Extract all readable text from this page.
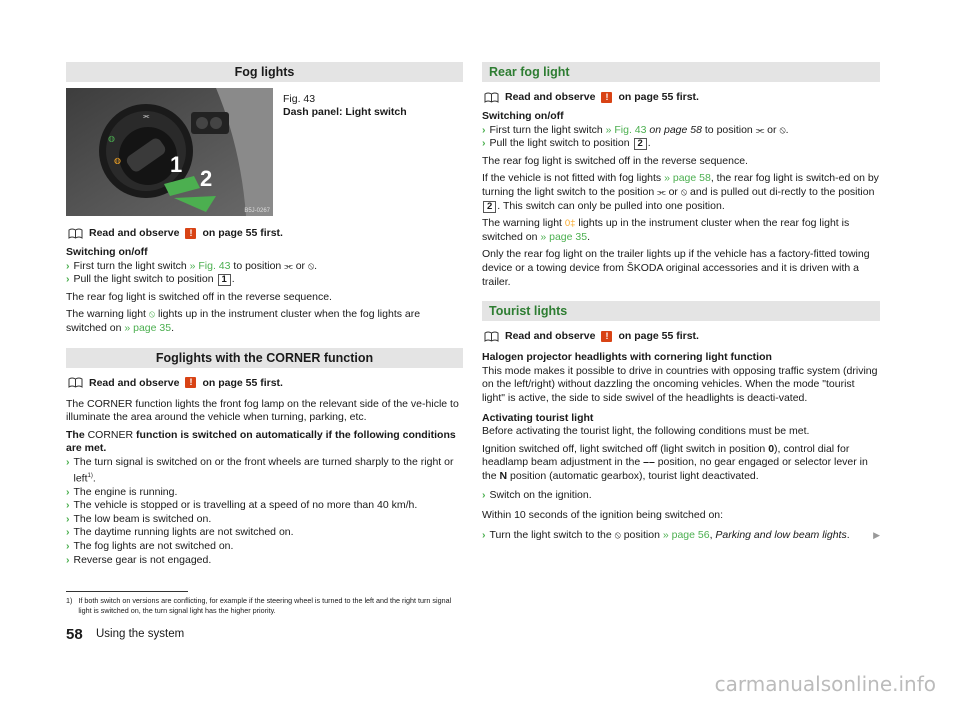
Fog lights
◍
◍
⫘
1
2
B5J-0267
Fig. 43
Dash panel: Light switch
Read and observe	! on page 55 first.

Switching on/off

› First turn the light switch » Fig. 43 to position ⫘ or ⦸.
› Pull the light switch to position 1 .

The rear fog light is switched off in the reverse sequence.

The warning light ⦸ lights up in the instrument cluster when the fog lights are switched on » page 35.

Foglights with the CORNER function
Read and observe	! on page 55 first.

The CORNER function lights the front fog lamp on the relevant side of the ve-hicle to illuminate the area around the vehicle when turning, parking, etc.

The CORNER function is switched on automatically if the following conditions are met.

› The turn signal is switched on or the front wheels are turned sharply to the right or left$^{1)}$.
› The engine is running.
› The vehicle is stopped or is travelling at a speed of no more than 40 km/h.
› The low beam is switched on.
› The daytime running lights are not switched on.
› The fog lights are not switched on.
› Reverse gear is not engaged.
Rear fog light
Read and observe	! on page 55 first.

Switching on/off

› First turn the light switch » Fig. 43 on page 58 to position ⫘ or ⦸.
› Pull the light switch to position 2 .

The rear fog light is switched off in the reverse sequence.

If the vehicle is not fitted with fog lights » page 58, the rear fog light is switch-ed on by turning the light switch to the position ⫘ or ⦸ and is pulled out di-rectly to the position 2 . This switch can only be pulled into one position.

The warning light 0‡ lights up in the instrument cluster when the rear fog light is switched on » page 35.

Only the rear fog light on the trailer lights up if the vehicle has a factory-fitted towing device or a towing device from ŠKODA original accessories and it is driven with a trailer.

Tourist lights
Read and observe	! on page 55 first.

Halogen projector headlights with cornering light function

This mode makes it possible to drive in countries with opposing traffic system (driving on the left/right) without dazzling the oncoming vehicles. When the mode "tourist light" is active, the side to side swivel of the headlights is deacti-vated.

Activating tourist light

Before activating the tourist light, the following conditions must be met.

Ignition switched off, light switched off (light switch in position 0), control dial for headlamp beam adjustment in the –– position, no gear engaged or selector lever in the N position (automatic gearbox), tourist light deactivated.

› Switch on the ignition.

Within 10 seconds of the ignition being switched on:

› Turn the light switch to the ⦸ position » page 56, Parking and low beam lights.	▶
1) If both switch on versions are conflicting, for example if the steering wheel is turned to the left and the right turn signal light is switched on, the turn signal light has the higher priority.
58 Using the system
carmanualsonline.info
